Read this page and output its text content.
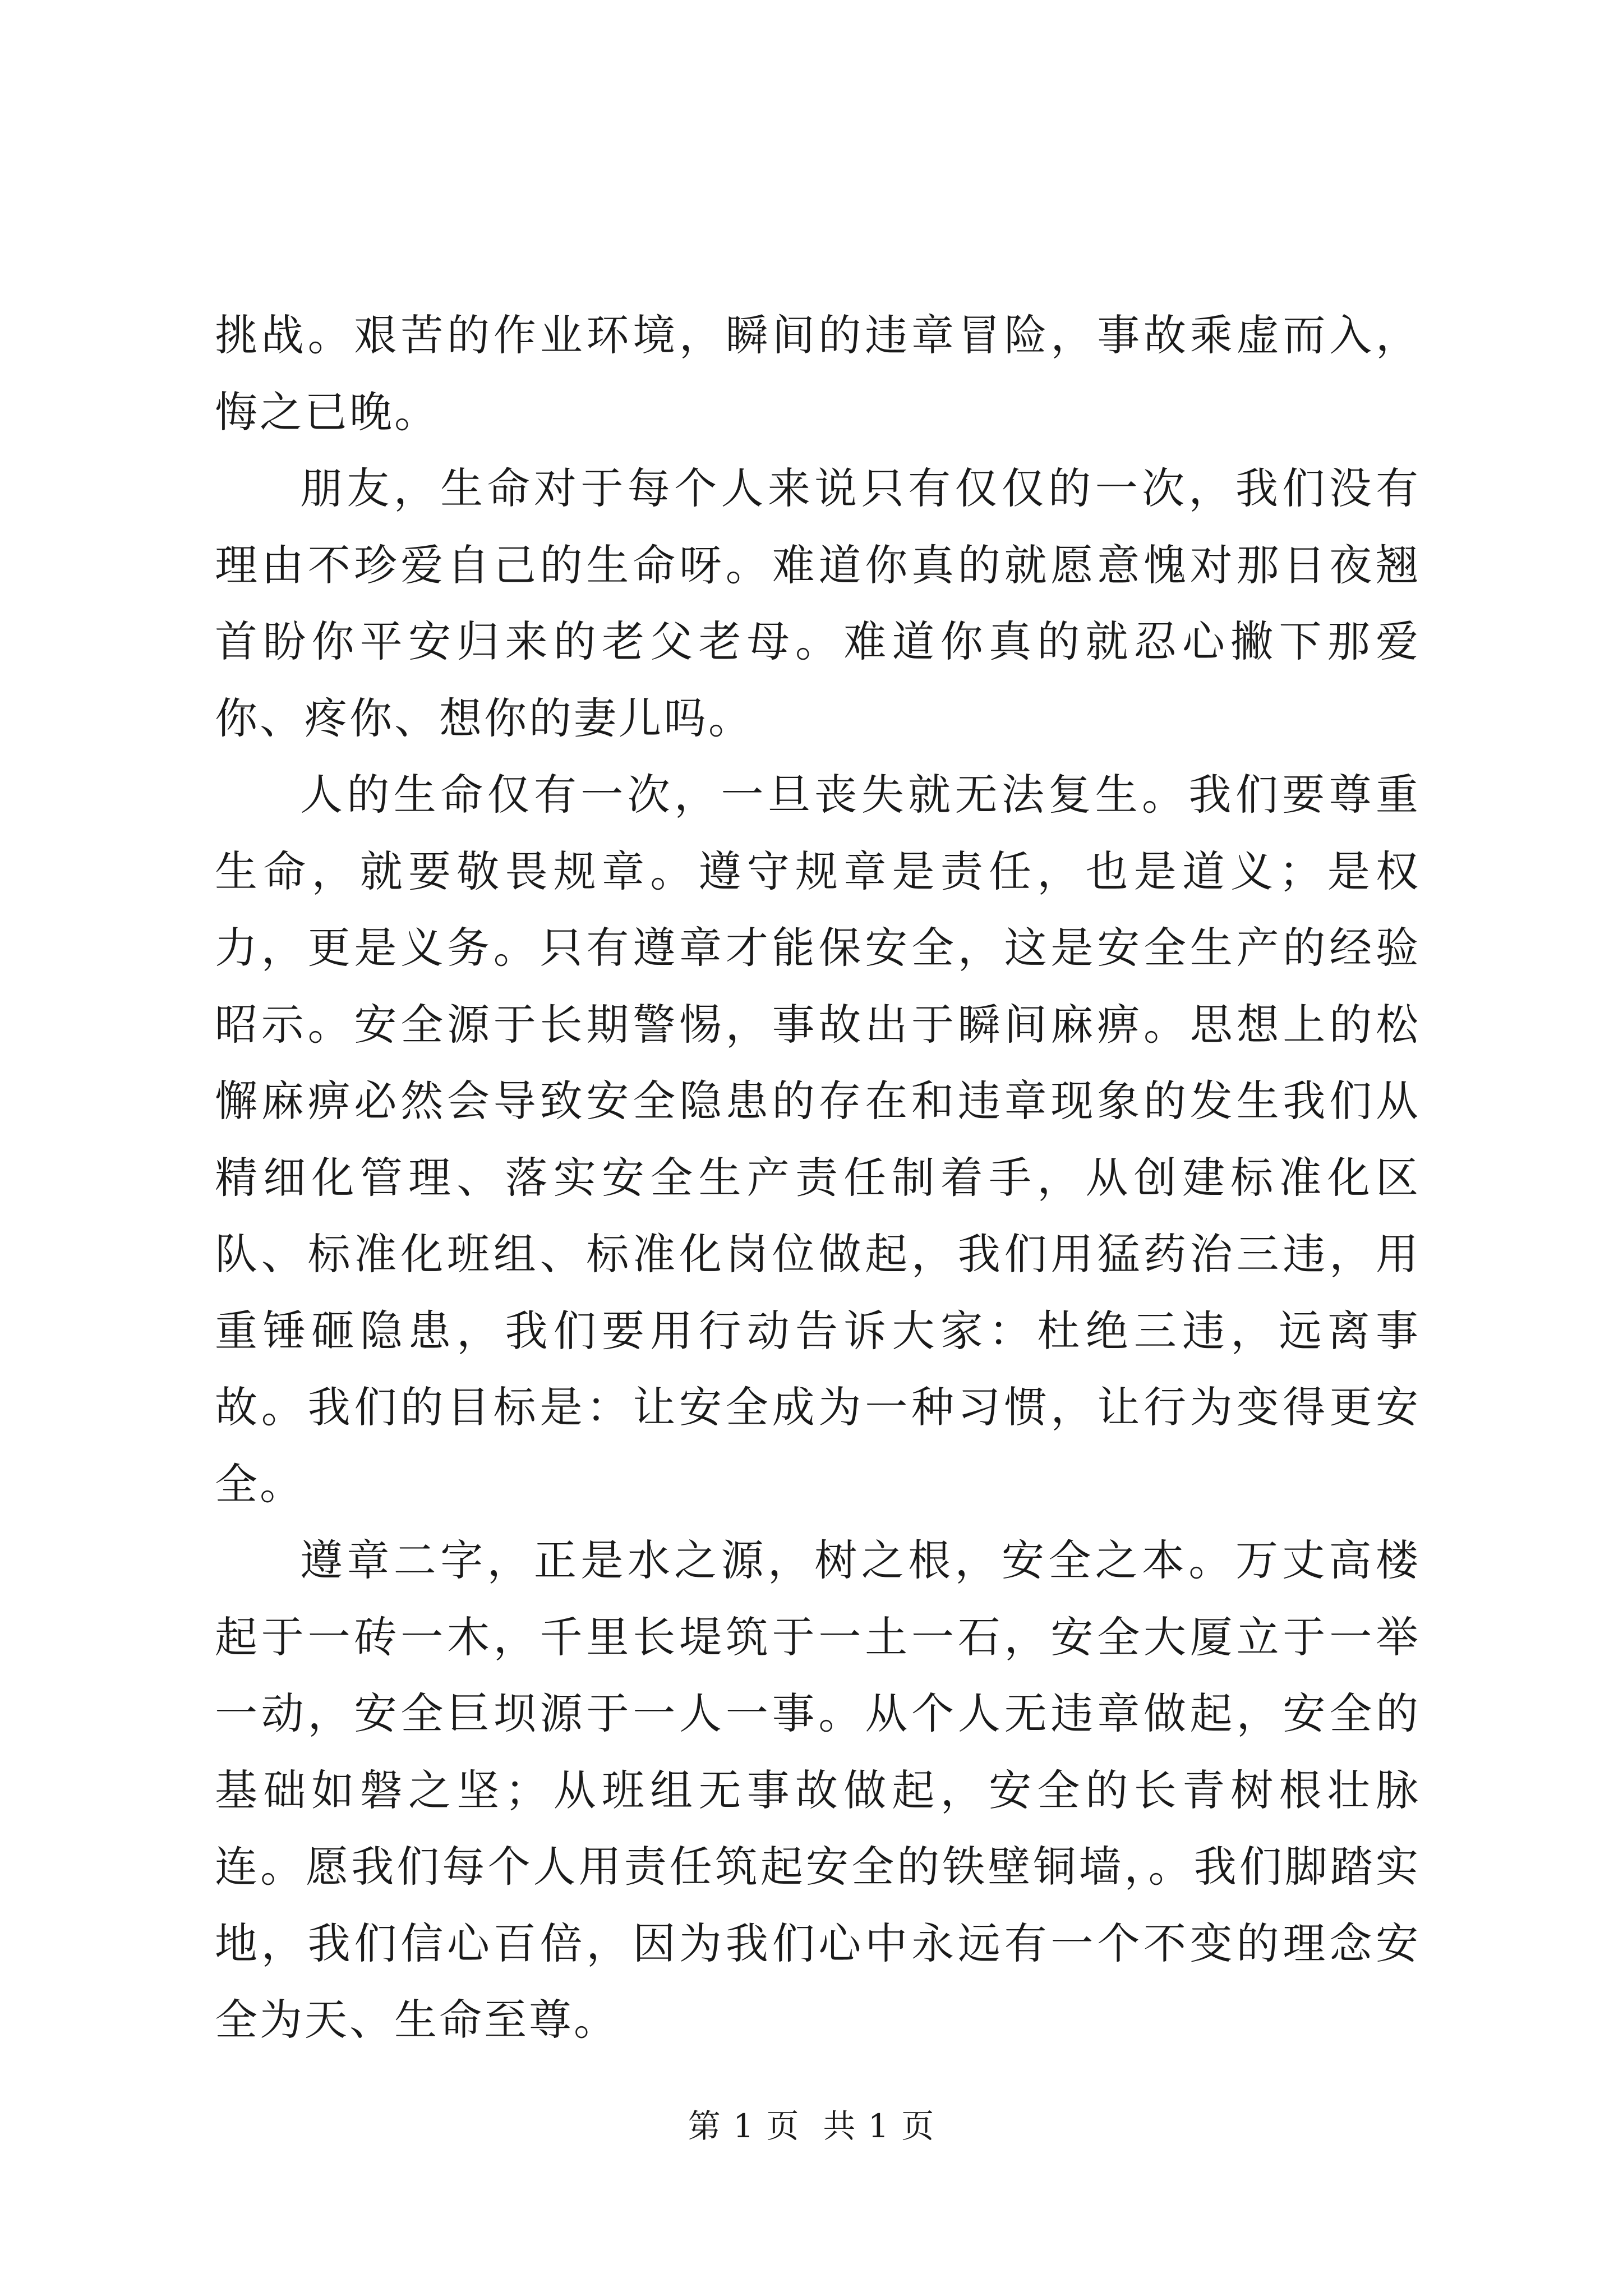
挑战。艰苦的作业环境，瞬间的违章冒险，事故乘虚而入，悔之已晚。

朋友，生命对于每个人来说只有仅仅的一次，我们没有理由不珍爱自己的生命呀。难道你真的就愿意愧对那日夜翘首盼你平安归来的老父老母。难道你真的就忍心撇下那爱你、疼你、想你的妻儿吗。

人的生命仅有一次，一旦丧失就无法复生。我们要尊重生命，就要敬畏规章。遵守规章是责任，也是道义；是权力，更是义务。只有遵章才能保安全，这是安全生产的经验昭示。安全源于长期警惕，事故出于瞬间麻痹。思想上的松懈麻痹必然会导致安全隐患的存在和违章现象的发生我们从精细化管理、落实安全生产责任制着手，从创建标准化区队、标准化班组、标准化岗位做起，我们用猛药治三违，用重锤砸隐患，我们要用行动告诉大家：杜绝三违，远离事故。我们的目标是：让安全成为一种习惯，让行为变得更安全。

遵章二字，正是水之源，树之根，安全之本。万丈高楼起于一砖一木，千里长堤筑于一土一石，安全大厦立于一举一动，安全巨坝源于一人一事。从个人无违章做起，安全的基础如磐之坚；从班组无事故做起，安全的长青树根壮脉连。愿我们每个人用责任筑起安全的铁壁铜墙，。我们脚踏实地，我们信心百倍，因为我们心中永远有一个不变的理念安全为天、生命至尊。

第 1 页  共 1 页
